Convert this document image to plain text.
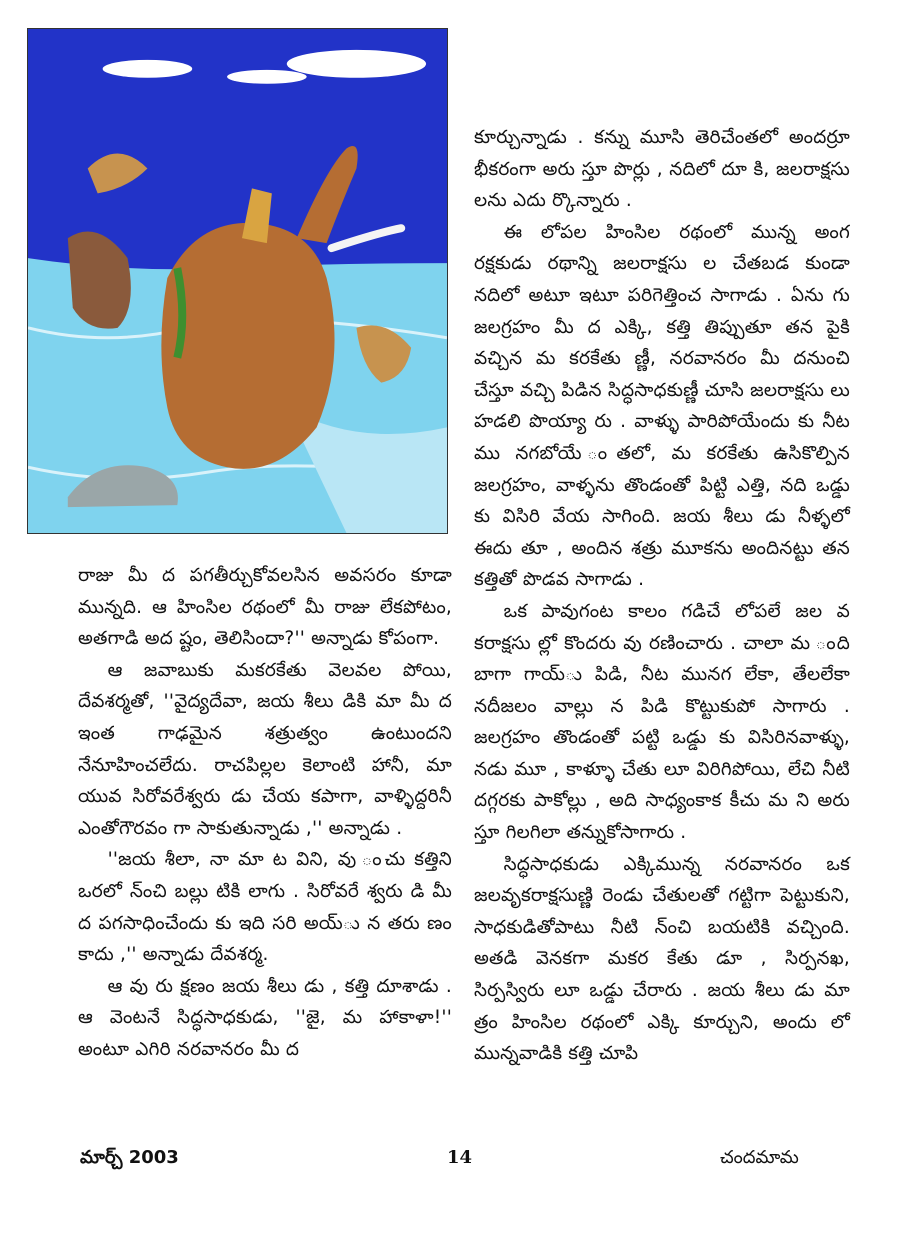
రాజు మీ ద పగతీర్చుకోవలసిన అవసరం కూడా మున్నది. ఆ హింసిల రథంలో మీ రాజు లేకపోటం, అతగాడి అద ష్టం, తెలిసిందా?'' అన్నాడు కోపంగా.

ఆ జవాబుకు మకరకేతు వెలవల పోయి, దేవశర్మతో, ''వైద్యదేవా, జయ శీలు డికి మా మీ ద ఇంత గాఢమైన శత్రుత్వం ఉంటుందని నేనూహించలేదు. రాచపిల్లల కెలాంటి హానీ, మా యువ సిరోవరేశ్వరు డు చేయ కపాగా, వాళ్ళిద్దరినీ ఎంతోగౌరవం గా సాకుతున్నాడు ,'' అన్నాడు .

''జయ శీలా, నా మా ట విని, వు ంచు కత్తిని ఒరలో న్ంచి బల్లు టికి లాగు . సిరోవరే శ్వరు డి మీ ద పగసాధించేందు కు ఇది సరి అయ్ు న తరు ణం కాదు ,'' అన్నాడు దేవశర్మ.

ఆ వు రు క్షణం జయ శీలు డు , కత్తి దూశాడు . ఆ వెంటనే సిద్ధసాధకుడు, ''జై, మ హాకాళా!'' అంటూ ఎగిరి నరవానరం మీ ద

కూర్చున్నాడు . కన్ను మూసి తెరిచేంతలో అందర్రూ భీకరంగా అరు స్తూ పొర్లు , నదిలో దూ కి, జలరాక్షసు లను ఎదు ర్కొన్నారు .

ఈ లోపల హింసిల రథంలో మున్న అంగ రక్షకుడు రథాన్ని జలరాక్షసు ల చేతబడ కుండా నదిలో అటూ ఇటూ పరిగెత్తించ సాగాడు . ఏను గు జలగ్రహం మీ ద ఎక్కి, కత్తి తిప్పుతూ తన పైకి వచ్చిన మ కరకేతు ణ్ణీ, నరవానరం మీ దనుంచి చేస్తూ వచ్చి పిడిన సిద్ధసాధకుణ్ణీ చూసి జలరాక్షసు లు హడలి పొయ్యా రు . వాళ్ళు పారిపోయేందు కు నీట ము నగబోయే ంతలో, మ కరకేతు ఉసికొల్పిన జలగ్రహం, వాళ్ళను తొండంతో పిట్టి ఎత్తి, నది ఒడ్డు కు విసిరి వేయ సాగింది. జయ శీలు డు నీళ్ళలో ఈదు తూ , అందిన శత్రు మూకను అందినట్టు తన కత్తితో పొడవ సాగాడు .

ఒక పావుగంట కాలం గడిచే లోపలే జల వ కరాక్షసు ల్లో కొందరు వు రణించారు . చాలా మ ంది బాగా గాయ్ు పిడి, నీట మునగ లేకా, తేలలేకా నదీజలం వాల్లు న పిడి కొట్టుకుపో సాగారు . జలగ్రహం తొండంతో పట్టి ఒడ్డు కు విసిరినవాళ్ళు, నడు మూ , కాళ్ళూ చేతు లూ విరిగిపోయి, లేచి నీటి దగ్గరకు పాకోల్లు , అది సాధ్యంకాక కీచు మ ని అరు స్తూ గిలగిలా తన్నుకోసాగారు .

సిద్ధసాధకుడు ఎక్కిమున్న నరవానరం ఒక జలవృకరాక్షసుణ్ణి రెండు చేతులతో గట్టిగా పెట్టుకుని, సాధకుడితోపాటు నీటి న్ంచి బయటికి వచ్చింది. అతడి వెనకగా మకర కేతు డూ , సిర్పనఖ, సిర్పస్విరు లూ ఒడ్డు చేరారు . జయ శీలు డు మా త్రం హింసిల రథంలో ఎక్కి కూర్చుని, అందు లో మున్నవాడికి కత్తి చూపి

మార్చ్ 2003	14	చందమామ
